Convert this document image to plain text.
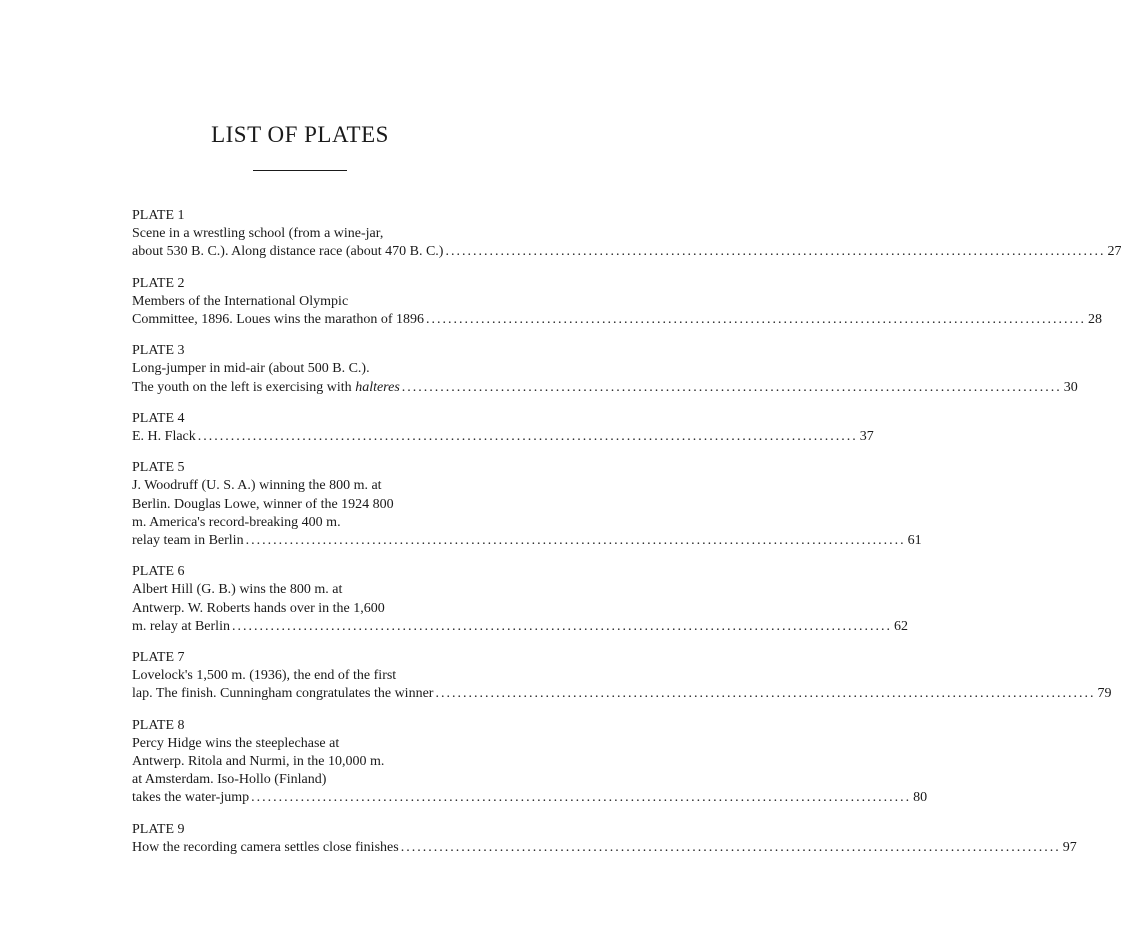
LIST OF PLATES
PLATE 1
Scene in a wrestling school (from a wine-jar,
about 530 B. C.). Along distance race (about 470 B. C.) ........................................................................................................................ 27
PLATE 2
Members of the International Olympic
Committee, 1896. Loues wins the marathon of 1896 ........................................................................................................................ 28
PLATE 3
Long-jumper in mid-air (about 500 B. C.).
The youth on the left is exercising with halteres ........................................................................................................................ 30
PLATE 4
E. H. Flack ........................................................................................................................ 37
PLATE 5
J. Woodruff (U. S. A.) winning the 800 m. at
Berlin. Douglas Lowe, winner of the 1924 800
m. America's record-breaking 400 m.
relay team in Berlin ........................................................................................................................ 61
PLATE 6
Albert Hill (G. B.) wins the 800 m. at
Antwerp. W. Roberts hands over in the 1,600
m. relay at Berlin ........................................................................................................................ 62
PLATE 7
Lovelock's 1,500 m. (1936), the end of the first
lap. The finish. Cunningham congratulates the winner ........................................................................................................................ 79
PLATE 8
Percy Hidge wins the steeplechase at
Antwerp. Ritola and Nurmi, in the 10,000 m.
at Amsterdam. Iso-Hollo (Finland)
takes the water-jump ........................................................................................................................ 80
PLATE 9
How the recording camera settles close finishes ........................................................................................................................ 97
